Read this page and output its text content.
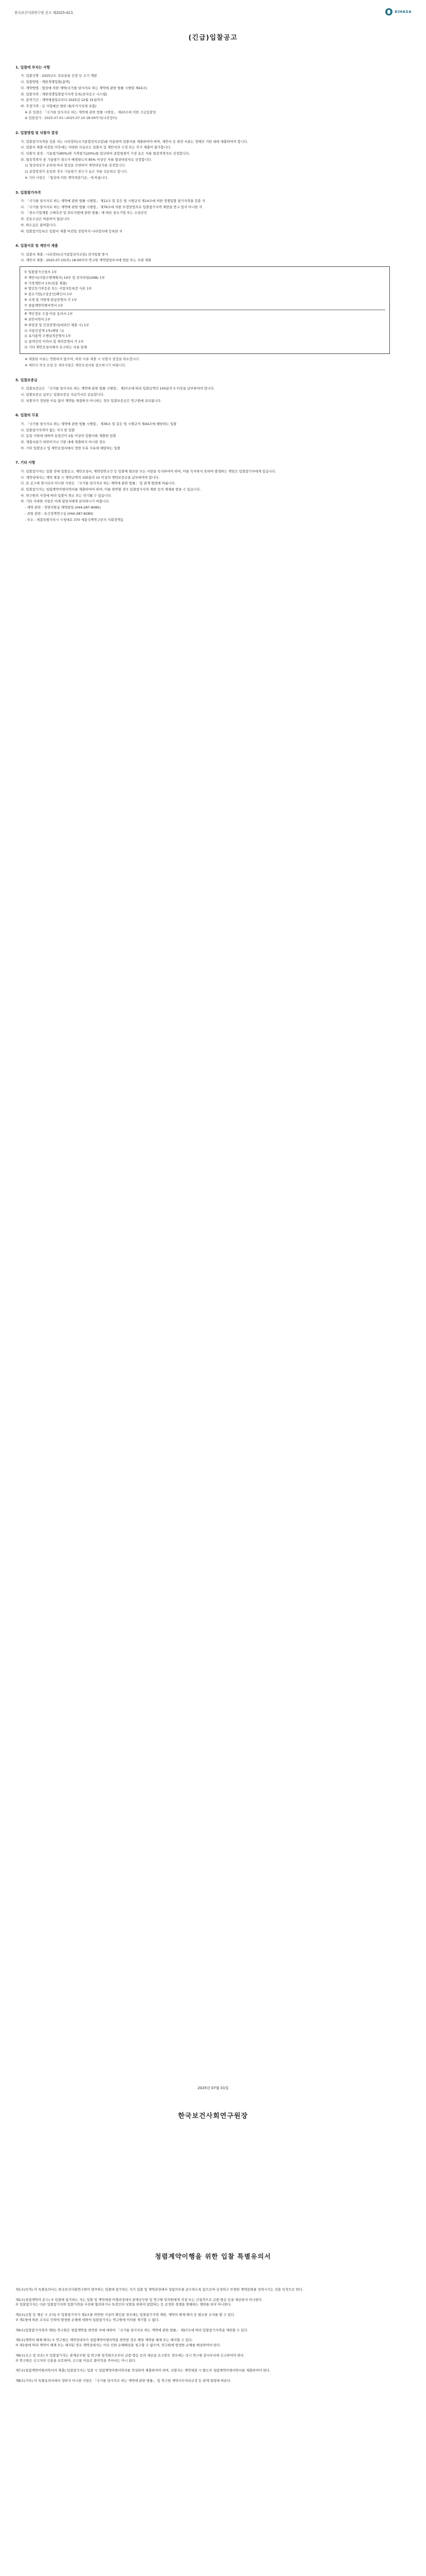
한국보건사회연구원 공고 제2025-42호	KIHASA
(긴급)입찰공고
1. 입찰에 부치는 사항
가. 입찰건명 : 2025년도 진료분류 선정 등 조기 개발
나. 입찰방법 : 제한경쟁입찰(총액)
다. 계약방법 : 협상에 의한 계약(국가를 당사자로 하는 계약에 관한 법률 시행령 제43조)
라. 입찰자격 : 제한경쟁입찰참가자격 등록(전자공고 시스템)
마. 용역기간 : 계약체결일로부터 2025년 12월 31일까지
바. 추정가격 : 금 사업예산 범위 내(부가가치세 포함)
※ 본 입찰은 「국가를 당사자로 하는 계약에 관한 법률 시행령」 제20조에 의한 긴급입찰임
※ 입찰참가 : 2025.07.01~2025.07.10 18:00까지(나라장터)
2. 입찰방법 및 낙찰자 결정
가. 입찰참가자격을 갖춘 자는 나라장터(국가종합전자조달)를 이용하여 입찰서를 제출하여야 하며, 제안서 등 관련 서류는 정해진 기한 내에 제출하여야 합니다.
나. 입찰서 제출 마감일 이후에는 어떠한 사유로도 입찰서 및 제안서의 수정 또는 추가 제출이 불가합니다.
다. 낙찰자 결정 : 기술평가(80%)와 가격평가(20%)를 합산하여 종합평점이 가장 높은 자를 협상적격자로 선정합니다.
라. 협상적격자 중 기술평가 점수가 배점한도의 85% 이상인 자를 협상대상자로 선정합니다.
1) 협상대상자 순위에 따라 협상을 진행하여 계약대상자를 결정합니다.
2) 종합평점이 동일한 경우 기술평가 점수가 높은 자를 선순위로 합니다.
※ 기타 사항은 「협상에 의한 계약체결기준」에 따릅니다.
3. 입찰참가자격
가. 「국가를 당사자로 하는 계약에 관한 법률 시행령」 제12조 및 같은 법 시행규칙 제14조에 의한 경쟁입찰 참가자격을 갖춘 자
나. 「국가를 당사자로 하는 계약에 관한 법률 시행령」 제76조에 의한 부정당업자로 입찰참가자격 제한을 받고 있지 아니한 자
다. 「중소기업제품 구매촉진 및 판로지원에 관한 법률」에 따른 중소기업 또는 소상공인
라. 공동수급은 허용하지 않습니다.
마. 하도급은 불허합니다.
바. 입찰참가등록은 입찰서 제출 마감일 전일까지 나라장터에 등록한 자
4. 입찰서류 및 제안서 제출
가. 입찰서 제출 : 나라장터(국가종합전자조달) 전자입찰 방식
나. 제안서 제출 : 2025.07.10(목) 18:00까지 연구원 계약담당부서에 방문 또는 우편 제출
① 입찰참가신청서 1부
② 제안서(사업수행계획서) 10부 및 전자파일(USB) 1부
③ 가격제안서 1부(밀봉 제출)
④ 법인등기부등본 또는 사업자등록증 사본 1부
⑤ 중소기업(소상공인)확인서 1부
⑥ 국세 및 지방세 완납증명서 각 1부
⑦ 청렴계약이행서약서 1부
⑧ 개인정보 수집·이용 동의서 1부
⑨ 보안서약서 1부
⑩ 위임장 및 인감증명서(대리인 제출 시) 1부
⑪ 사용인감계 1부(해당 시)
⑫ 유사용역 수행실적증명서 1부
⑬ 참여인력 이력서 및 재직증명서 각 1부
⑭ 기타 제안요청서에서 요구하는 서류 일체
※ 제출된 서류는 반환하지 않으며, 허위 서류 제출 시 낙찰자 결정을 취소합니다.
※ 제안서 작성 요령 등 세부사항은 제안요청서를 참조하시기 바랍니다.
5. 입찰보증금
가. 입찰보증금은 「국가를 당사자로 하는 계약에 관한 법률 시행령」 제37조에 따라 입찰금액의 100분의 5 이상을 납부하여야 합니다.
나. 입찰보증금 납부는 입찰보증금 지급각서로 갈음합니다.
다. 낙찰자가 정당한 이유 없이 계약을 체결하지 아니하는 경우 입찰보증금은 연구원에 귀속됩니다.
6. 입찰의 무효
가. 「국가를 당사자로 하는 계약에 관한 법률 시행령」 제39조 및 같은 법 시행규칙 제44조에 해당하는 입찰
나. 입찰참가자격이 없는 자가 한 입찰
다. 동일 사항에 대하여 동일인이 2통 이상의 입찰서를 제출한 입찰
라. 제출서류가 허위이거나 기한 내에 제출하지 아니한 경우
마. 기타 입찰공고 및 제안요청서에서 정한 무효 사유에 해당하는 입찰
7. 기타 사항
가. 입찰참가자는 입찰 전에 입찰공고, 제안요청서, 계약일반조건 등 입찰에 필요한 모든 사항을 숙지하여야 하며, 이를 숙지하지 못하여 발생하는 책임은 입찰참가자에게 있습니다.
나. 계약상대자는 계약 체결 시 계약금액의 100분의 10 이상의 계약보증금을 납부하여야 합니다.
다. 본 공고에 명시되지 아니한 사항은 「국가를 당사자로 하는 계약에 관한 법률」 및 관계 법령에 따릅니다.
라. 입찰참가자는 청렴계약이행서약서를 제출하여야 하며, 이를 위반할 경우 입찰참가자격 제한 등의 제재를 받을 수 있습니다.
마. 연구원의 사정에 따라 입찰이 취소 또는 연기될 수 있습니다.
바. 기타 자세한 사항은 아래 담당자에게 문의하시기 바랍니다.
- 계약 관련 : 경영지원실 계약담당 (044-287-8085)
- 과업 관련 : 보건정책연구실 (044-287-8280)
- 주소 : 세종특별자치시 시청대로 370 세종국책연구단지 사회정책동
2025년 07월 01일
한국보건사회연구원장
청렴계약이행을 위한 입찰 특별유의서
제1조(목적) 이 특별유의서는 한국보건사회연구원이 발주하는 입찰에 참가하는 자가 입찰 및 계약과정에서 청렴의무를 준수하도록 함으로써 공정하고 투명한 계약문화를 정착시키는 것을 목적으로 한다.
제2조(청렴계약의 준수) ① 입찰에 참가하는 자는 입찰 및 계약체결·이행과정에서 관계공무원 및 연구원 임직원에게 직접 또는 간접적으로 금품·향응 등을 제공하지 아니한다.
② 입찰참가자는 다른 입찰참가자와 입찰가격을 사전에 협의하거나 특정인의 낙찰을 위하여 담합하는 등 공정한 경쟁을 방해하는 행위를 하지 아니한다.
제3조(금품 등 제공 시 조치) ① 입찰참가자가 제2조를 위반한 사실이 확인된 경우에는 입찰참가자격 제한, 계약의 해제·해지 등 필요한 조치를 할 수 있다.
② 제1항에 따른 조치로 인하여 발생한 손해에 대하여 입찰참가자는 연구원에 이의를 제기할 수 없다.
제4조(입찰참가자격의 제한) 연구원은 청렴계약을 위반한 자에 대하여 「국가를 당사자로 하는 계약에 관한 법률」 제27조에 따라 입찰참가자격을 제한할 수 있다.
제5조(계약의 해제·해지) ① 연구원은 계약상대자가 청렴계약이행서약을 위반한 경우 해당 계약을 해제 또는 해지할 수 있다.
② 제1항에 따라 계약이 해제 또는 해지된 경우 계약상대자는 이로 인한 손해배상을 청구할 수 없으며, 연구원에 발생한 손해를 배상하여야 한다.
제6조(신고 및 보호) ① 입찰참가자는 관계공무원 및 연구원 임직원으로부터 금품·향응 등의 제공을 요구받은 경우에는 즉시 연구원 감사부서에 신고하여야 한다.
② 연구원은 신고자의 신분을 보호하며, 신고를 이유로 불이익을 주어서는 아니 된다.
제7조(청렴계약이행서약서의 제출) 입찰참가자는 입찰 시 청렴계약이행서약서를 작성하여 제출하여야 하며, 낙찰자는 계약체결 시 별도의 청렴계약이행서약서를 제출하여야 한다.
제8조(기타) 이 특별유의서에서 정하지 아니한 사항은 「국가를 당사자로 하는 계약에 관한 법률」 및 연구원 계약사무처리규정 등 관계 법령에 따른다.
